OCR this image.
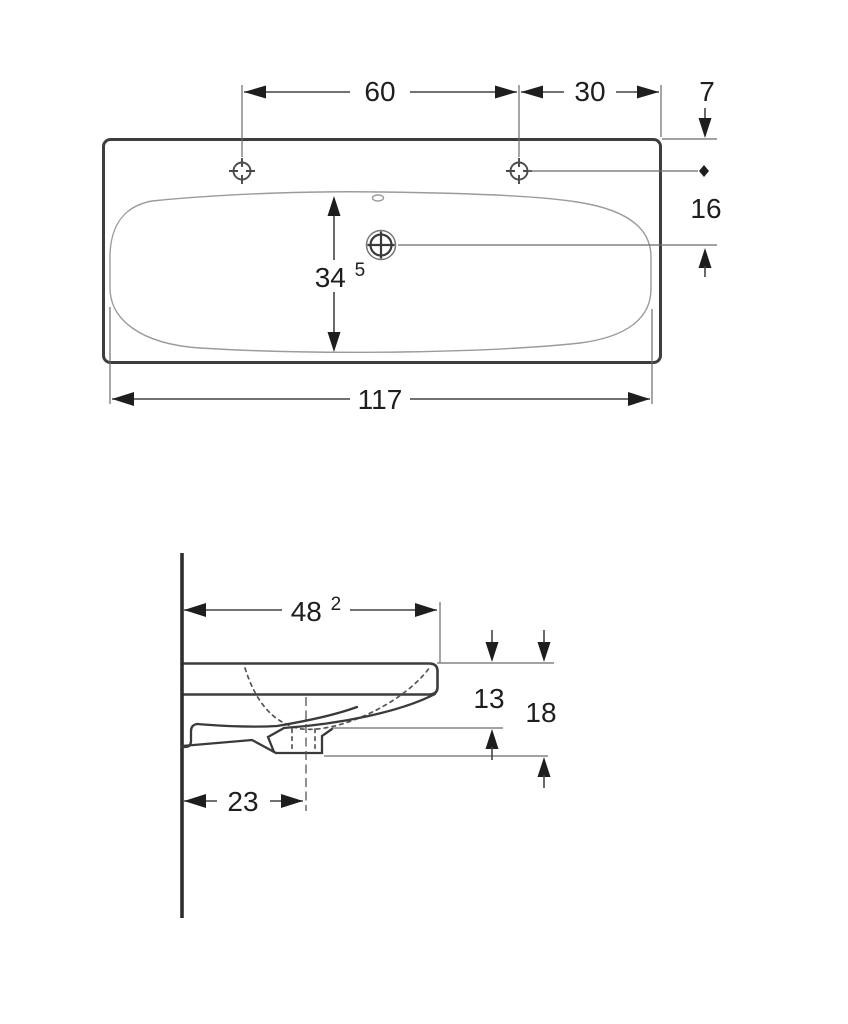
60	30	7
16
34 $^5$
117
48 $^2$
13 18
23
